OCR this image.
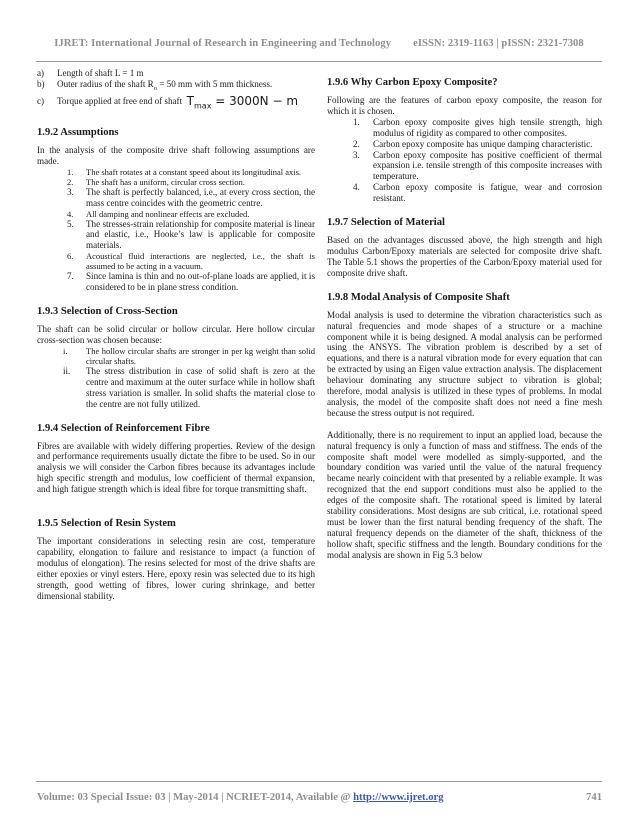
IJRET: International Journal of Research in Engineering and Technology eISSN: 2319-1163 | pISSN: 2321-7308
a) Length of shaft L = 1 m
b) Outer radius of the shaft $R_o = 50$ mm with 5 mm thickness.
c) Torque applied at free end of shaft $T_{max} = 3000N - m$
1.9.2 Assumptions

In the analysis of the composite drive shaft following assumptions are made.

1. The shaft rotates at a constant speed about its longitudinal axis.
2. The shaft has a uniform, circular cross section.
3. The shaft is perfectly balanced, i.e., at every cross section, the mass centre coincides with the geometric centre.
4. All damping and nonlinear effects are excluded.
5. The stresses-strain relationship for composite material is linear and elastic, i.e., Hooke’s law is applicable for composite materials.
6. Acoustical fluid interactions are neglected, i.e., the shaft is assumed to be acting in a vacuum.
7. Since lamina is thin and no out-of-plane loads are applied, it is considered to be in plane stress condition.
1.9.3 Selection of Cross-Section

The shaft can be solid circular or hollow circular. Here hollow circular cross-section was chosen because:

i. The hollow circular shafts are stronger in per kg weight than solid circular shafts.
ii. The stress distribution in case of solid shaft is zero at the centre and maximum at the outer surface while in hollow shaft stress variation is smaller. In solid shafts the material close to the centre are not fully utilized.
1.9.4 Selection of Reinforcement Fibre

Fibres are available with widely differing properties. Review of the design and performance requirements usually dictate the fibre to be used. So in our analysis we will consider the Carbon fibres because its advantages include high specific strength and modulus, low coefficient of thermal expansion, and high fatigue strength which is ideal fibre for torque transmitting shaft.

1.9.5 Selection of Resin System

The important considerations in selecting resin are cost, temperature capability, elongation to failure and resistance to impact (a function of modulus of elongation). The resins selected for most of the drive shafts are either epoxies or vinyl esters. Here, epoxy resin was selected due to its high strength, good wetting of fibres, lower curing shrinkage, and better dimensional stability.

1.9.6 Why Carbon Epoxy Composite?

Following are the features of carbon epoxy composite, the reason for which it is chosen.

1. Carbon epoxy composite gives high tensile strength, high modulus of rigidity as compared to other composites.
2. Carbon epoxy composite has unique damping characteristic.
3. Carbon epoxy composite has positive coefficient of thermal expansion i.e. tensile strength of this composite increases with temperature.
4. Carbon epoxy composite is fatigue, wear and corrosion resistant.
1.9.7 Selection of Material

Based on the advantages discussed above, the high strength and high modulus Carbon/Epoxy materials are selected for composite drive shaft. The Table 5.1 shows the properties of the Carbon/Epoxy material used for composite drive shaft.

1.9.8 Modal Analysis of Composite Shaft

Modal analysis is used to determine the vibration characteristics such as natural frequencies and mode shapes of a structure or a machine component while it is being designed. A modal analysis can be performed using the ANSYS. The vibration problem is described by a set of equations, and there is a natural vibration mode for every equation that can be extracted by using an Eigen value extraction analysis. The displacement behaviour dominating any structure subject to vibration is global; therefore, modal analysis is utilized in these types of problems. In modal analysis, the model of the composite shaft does not need a fine mesh because the stress output is not required.

Additionally, there is no requirement to input an applied load, because the natural frequency is only a function of mass and stiffness. The ends of the composite shaft model were modelled as simply-supported, and the boundary condition was varied until the value of the natural frequency became nearly coincident with that presented by a reliable example. It was recognized that the end support conditions must also be applied to the edges of the composite shaft. The rotational speed is limited by lateral stability considerations. Most designs are sub critical, i.e. rotational speed must be lower than the first natural bending frequency of the shaft. The natural frequency depends on the diameter of the shaft, thickness of the hollow shaft, specific stiffness and the length. Boundary conditions for the modal analysis are shown in Fig 5.3 below

Volume: 03 Special Issue: 03 | May-2014 | NCRIET-2014, Available @ http://www.ijret.org	741
